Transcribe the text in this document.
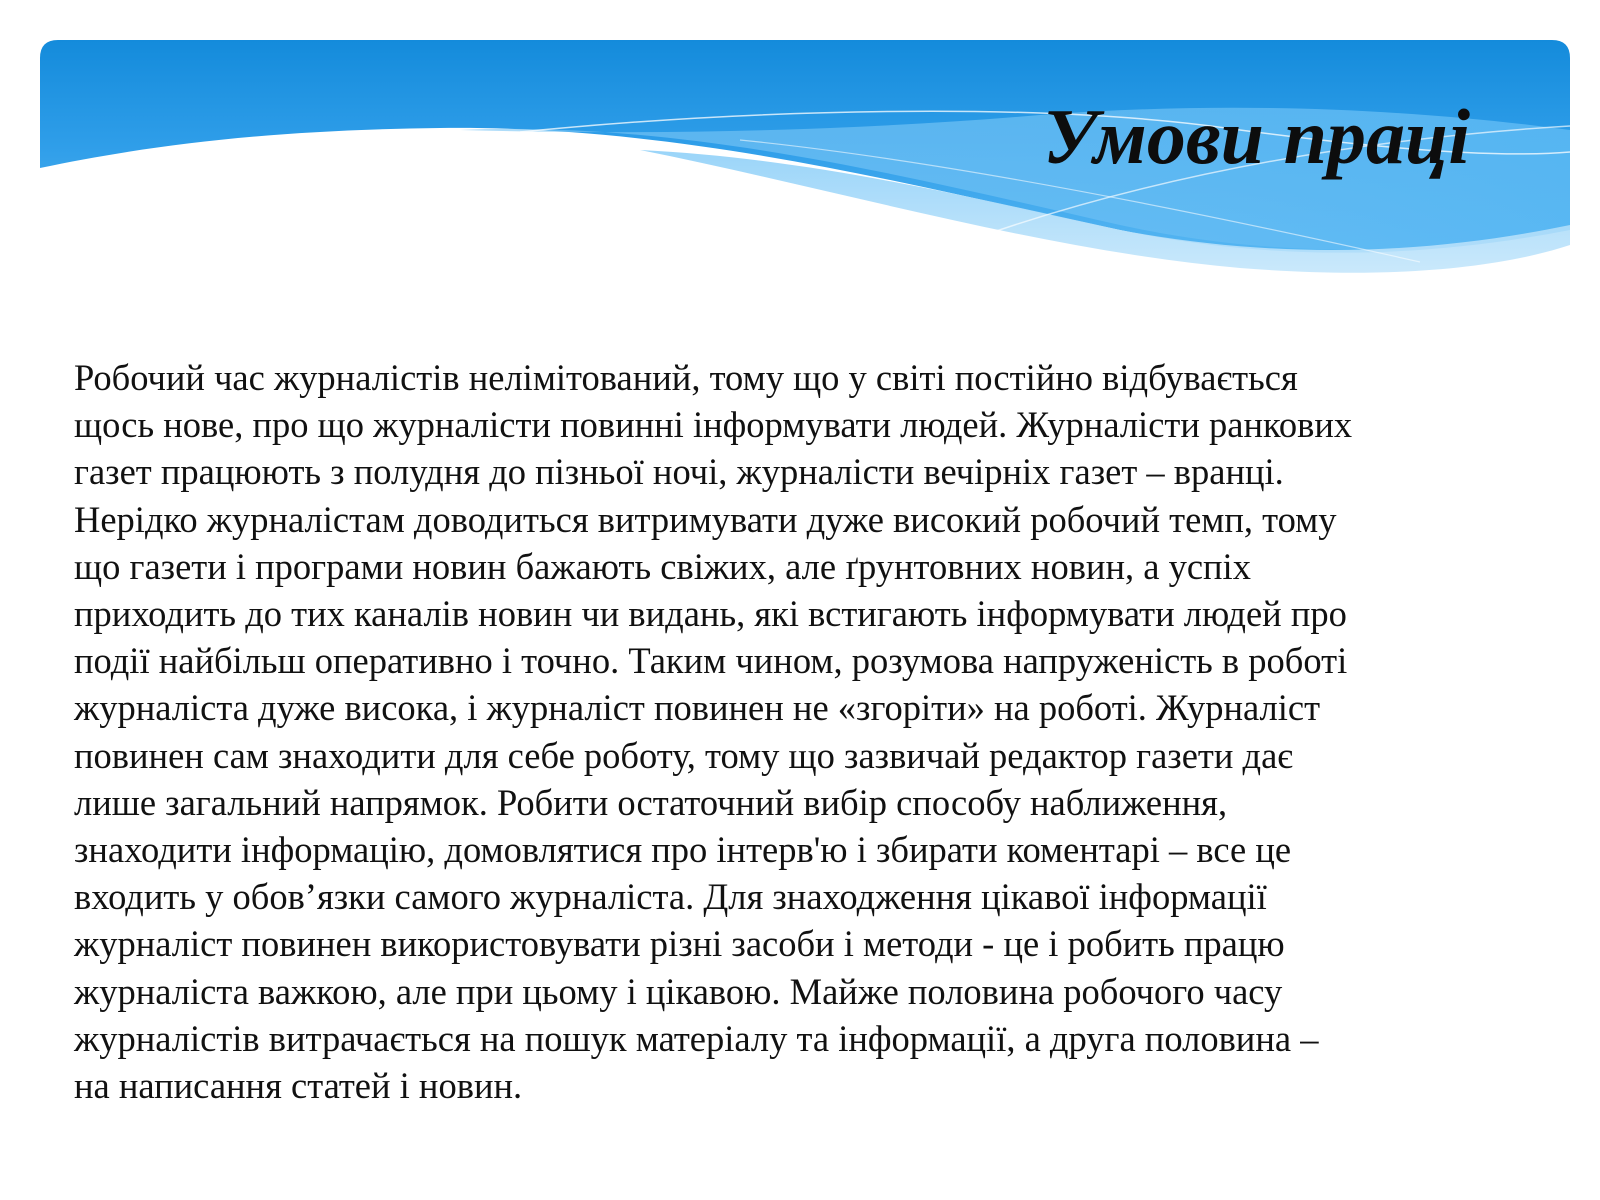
Умови праці
Робочий час журналістів нелімітований, тому що у світі постійно відбувається
щось нове, про що журналісти повинні інформувати людей. Журналісти ранкових
газет працюють з полудня до пізньої ночі, журналісти вечірніх газет – вранці.
Нерідко журналістам доводиться витримувати дуже високий робочий темп, тому
що газети і програми новин бажають свіжих, але ґрунтовних новин, а успіх
приходить до тих каналів новин чи видань, які встигають інформувати людей про
події найбільш оперативно і точно. Таким чином, розумова напруженість в роботі
журналіста дуже висока, і журналіст повинен не «згоріти» на роботі. Журналіст
повинен сам знаходити для себе роботу, тому що зазвичай редактор газети дає
лише загальний напрямок. Робити остаточний вибір способу наближення,
знаходити інформацію, домовлятися про інтерв'ю і збирати коментарі – все це
входить у обов’язки самого журналіста. Для знаходження цікавої інформації
журналіст повинен використовувати різні засоби і методи - це і робить працю
журналіста важкою, але при цьому і цікавою. Майже половина робочого часу
журналістів витрачається на пошук матеріалу та інформації, а друга половина –
на написання статей і новин.
